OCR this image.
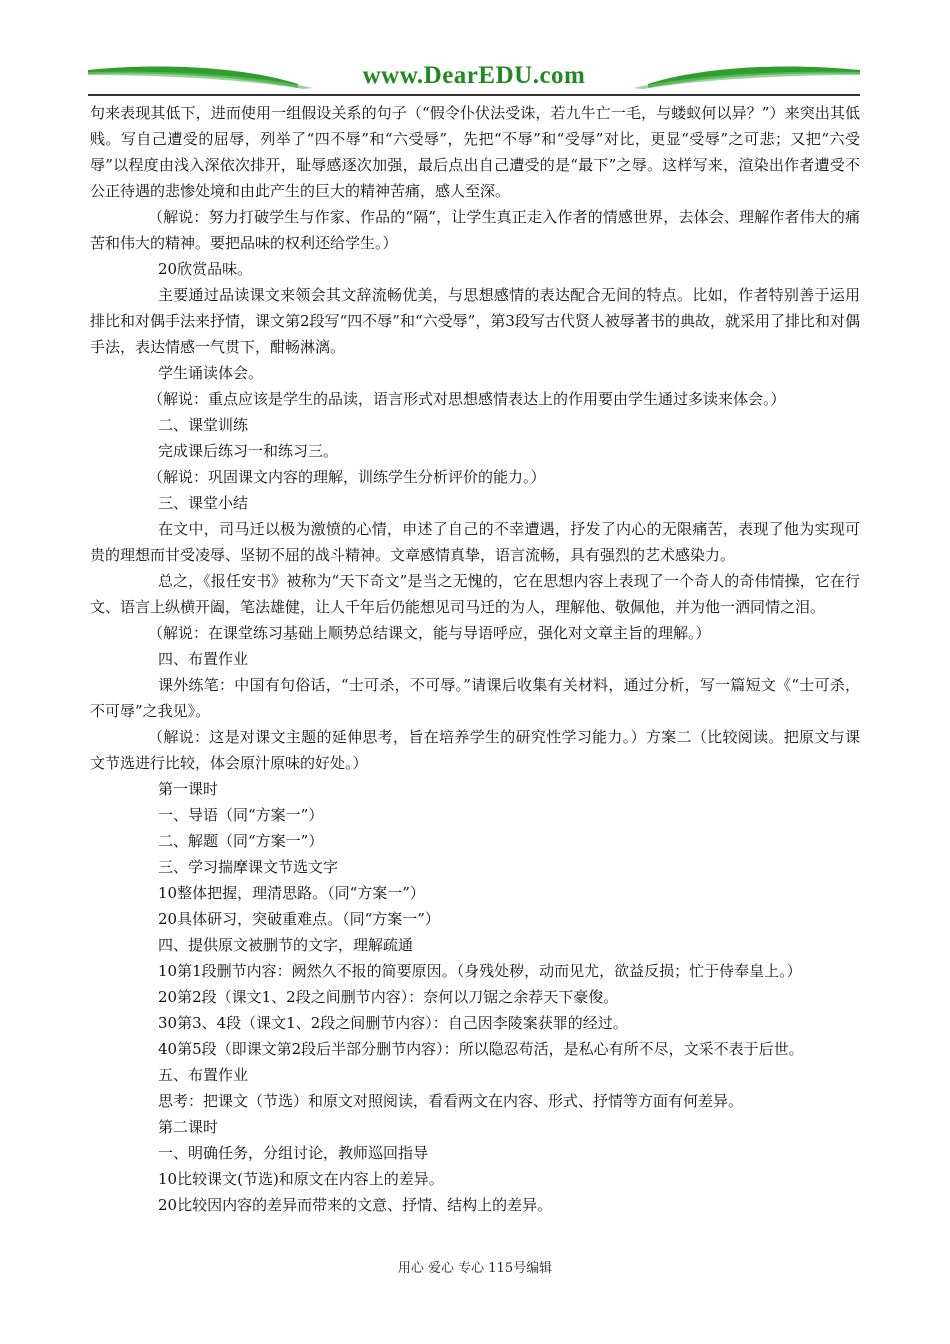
www.DearEDU.com

句来表现其低下，进而使用一组假设关系的句子（“假令仆伏法受诛，若九牛亡一毛，与蝼蚁何以异？”）来突出其低贱。写自己遭受的屈辱，列举了“四不辱”和“六受辱”，先把“不辱”和“受辱”对比，更显“受辱”之可悲；又把“六受辱”以程度由浅入深依次排开，耻辱感逐次加强，最后点出自己遭受的是“最下”之辱。这样写来，渲染出作者遭受不公正待遇的悲惨处境和由此产生的巨大的精神苦痛，感人至深。

（解说：努力打破学生与作家、作品的“隔”，让学生真正走入作者的情感世界，去体会、理解作者伟大的痛苦和伟大的精神。要把品味的权利还给学生。）

20欣赏品味。

主要通过品读课文来领会其文辞流畅优美，与思想感情的表达配合无间的特点。比如，作者特别善于运用排比和对偶手法来抒情，课文第2段写“四不辱”和“六受辱”，第3段写古代贤人被辱著书的典故，就采用了排比和对偶手法，表达情感一气贯下，酣畅淋漓。

学生诵读体会。

（解说：重点应该是学生的品读，语言形式对思想感情表达上的作用要由学生通过多读来体会。）

二、课堂训练

完成课后练习一和练习三。

（解说：巩固课文内容的理解，训练学生分析评价的能力。）

三、课堂小结

在文中，司马迁以极为激愤的心情，申述了自己的不幸遭遇，抒发了内心的无限痛苦，表现了他为实现可贵的理想而甘受凌辱、坚韧不屈的战斗精神。文章感情真挚，语言流畅，具有强烈的艺术感染力。

总之，《报任安书》被称为“天下奇文”是当之无愧的，它在思想内容上表现了一个奇人的奇伟情操，它在行文、语言上纵横开阖，笔法雄健，让人千年后仍能想见司马迁的为人，理解他、敬佩他，并为他一洒同情之泪。

（解说：在课堂练习基础上顺势总结课文，能与导语呼应，强化对文章主旨的理解。）

四、布置作业

课外练笔：中国有句俗话，“士可杀，不可辱。”请课后收集有关材料，通过分析，写一篇短文《“士可杀，不可辱”之我见》。

（解说：这是对课文主题的延伸思考，旨在培养学生的研究性学习能力。）方案二（比较阅读。把原文与课文节选进行比较，体会原汁原味的好处。）

第一课时

一、导语（同“方案一”）

二、解题（同“方案一”）

三、学习揣摩课文节选文字

10整体把握，理清思路。（同“方案一”）

20具体研习，突破重难点。（同“方案一”）

四、提供原文被删节的文字，理解疏通

10第1段删节内容：阙然久不报的简要原因。（身残处秽，动而见尤，欲益反损；忙于侍奉皇上。）

20第2段（课文1、2段之间删节内容）：奈何以刀锯之余荐天下豪俊。

30第3、4段（课文1、2段之间删节内容）：自己因李陵案获罪的经过。

40第5段（即课文第2段后半部分删节内容）：所以隐忍苟活，是私心有所不尽，文采不表于后世。

五、布置作业

思考：把课文（节选）和原文对照阅读，看看两文在内容、形式、抒情等方面有何差异。

第二课时

一、明确任务，分组讨论，教师巡回指导

10比较课文(节选)和原文在内容上的差异。

20比较因内容的差异而带来的文意、抒情、结构上的差异。

用心 爱心 专心 115号编辑
